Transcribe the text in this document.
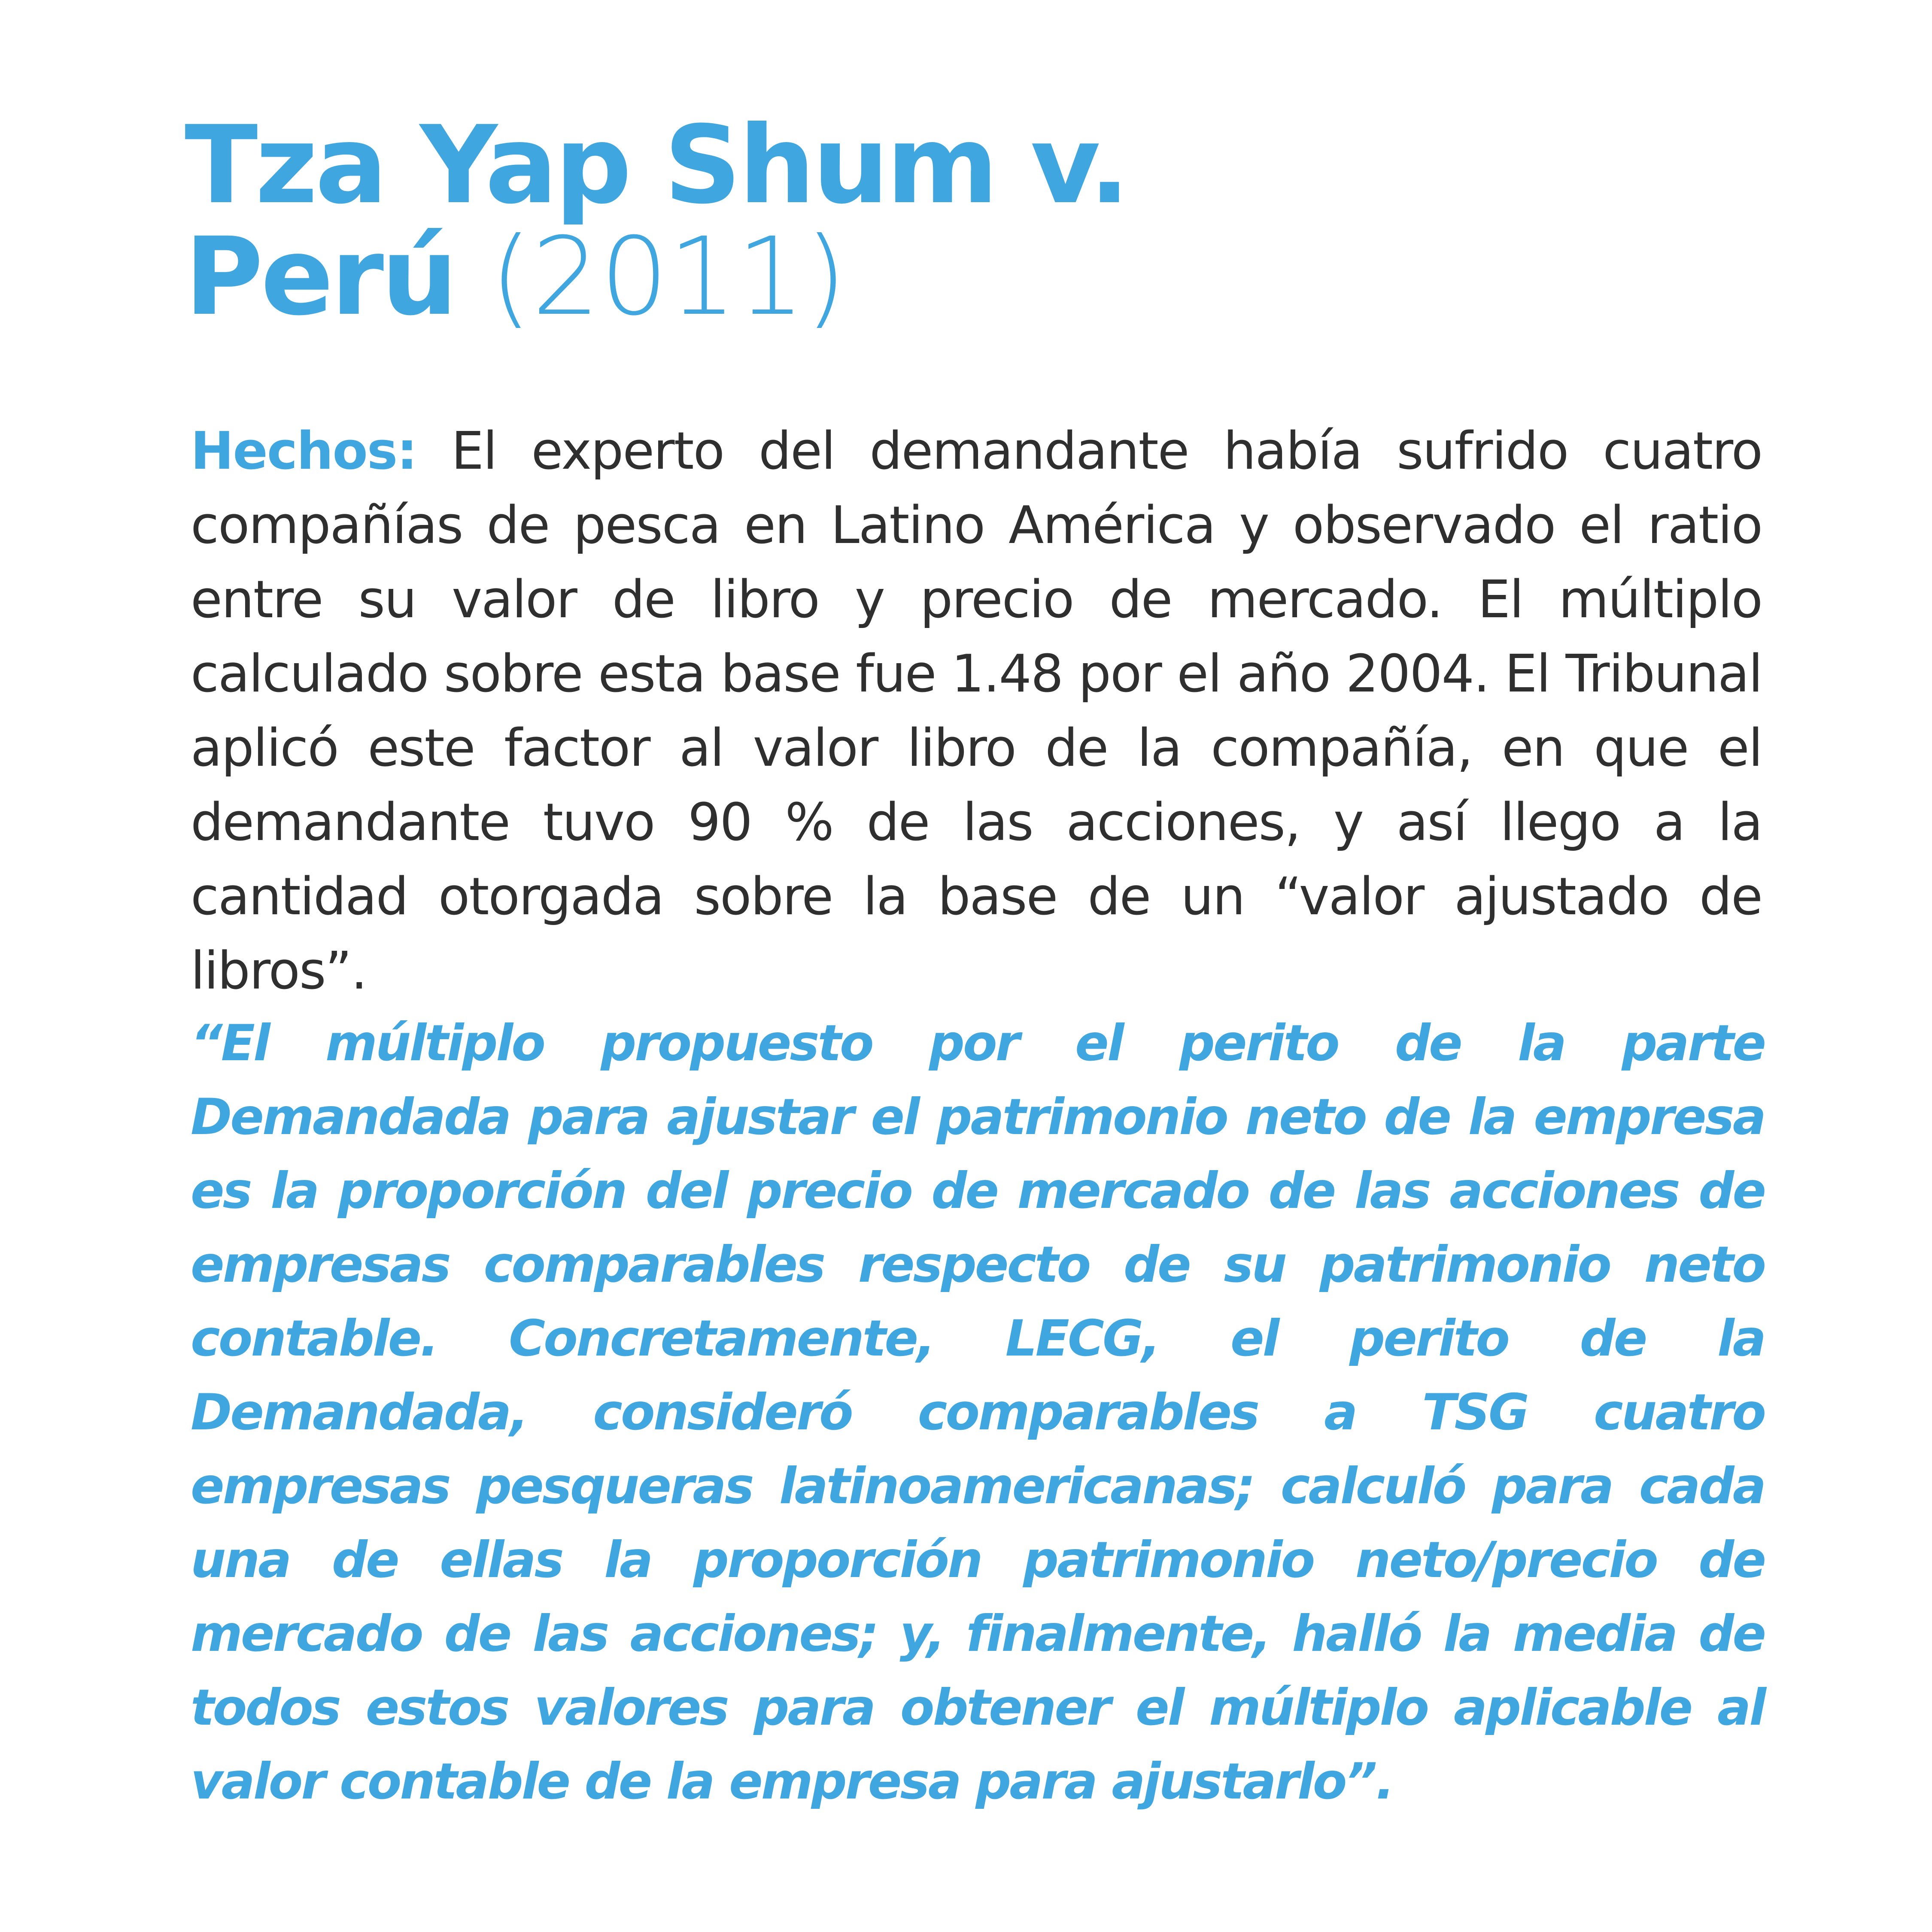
Tza Yap Shum v.
Perú (2011)

Hechos: El experto del demandante había sufrido cuatro compañías de pesca en Latino América y observado el ratio entre su valor de libro y precio de mercado. El múltiplo calculado sobre esta base fue 1.48 por el año 2004. El Tribunal aplicó este factor al valor libro de la compañía, en que el demandante tuvo 90 % de las acciones, y así llego a la cantidad otorgada sobre la base de un “valor ajustado de libros”.

“El múltiplo propuesto por el perito de la parte Demandada para ajustar el patrimonio neto de la empresa es la proporción del precio de mercado de las acciones de empresas comparables respecto de su patrimonio neto contable. Concretamente, LECG, el perito de la Demandada, consideró comparables a TSG cuatro empresas pesqueras latinoamericanas; calculó para cada una de ellas la proporción patrimonio neto/precio de mercado de las acciones; y, finalmente, halló la media de todos estos valores para obtener el múltiplo aplicable al valor contable de la empresa para ajustarlo”.
